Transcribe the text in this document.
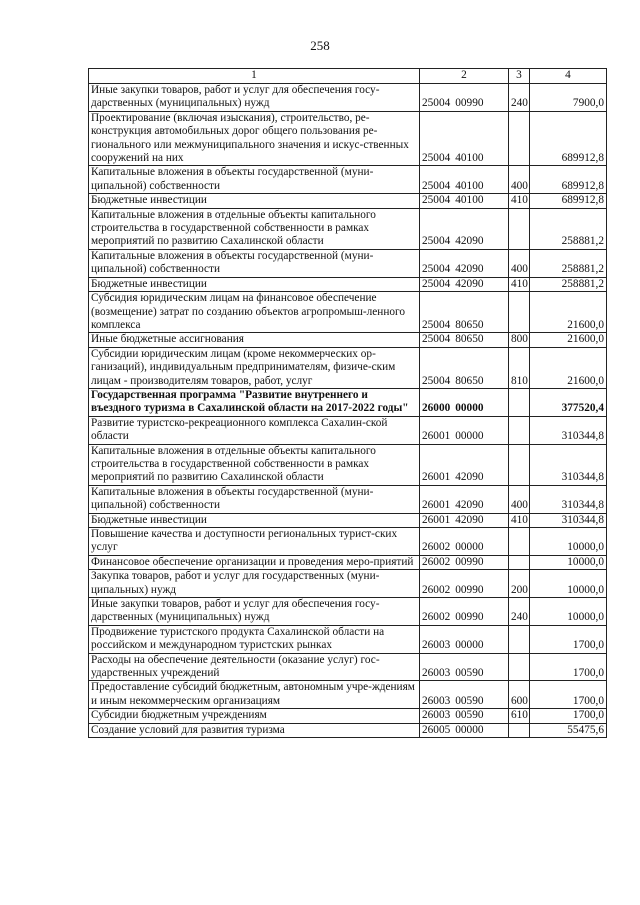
258
1	2	3	4
Иные закупки товаров, работ и услуг для обеспечения госу-дарственных (муниципальных) нужд	25004 00990	240	7900,0
Проектирование (включая изыскания), строительство, ре-конструкция автомобильных дорог общего пользования ре-гионального или межмуниципального значения и искус-ственных сооружений на них	25004 40100		689912,8
Капитальные вложения в объекты государственной (муни-ципальной) собственности	25004 40100	400	689912,8
Бюджетные инвестиции	25004 40100	410	689912,8
Капитальные вложения в отдельные объекты капитального строительства в государственной собственности в рамках мероприятий по развитию Сахалинской области	25004 42090		258881,2
Капитальные вложения в объекты государственной (муни-ципальной) собственности	25004 42090	400	258881,2
Бюджетные инвестиции	25004 42090	410	258881,2
Субсидия юридическим лицам на финансовое обеспечение (возмещение) затрат по созданию объектов агропромыш-ленного комплекса	25004 80650		21600,0
Иные бюджетные ассигнования	25004 80650	800	21600,0
Субсидии юридическим лицам (кроме некоммерческих ор-ганизаций), индивидуальным предпринимателям, физиче-ским лицам - производителям товаров, работ, услуг	25004 80650	810	21600,0
Государственная программа "Развитие внутреннего и въездного туризма в Сахалинской области на 2017-2022 годы"	26000 00000		377520,4
Развитие туристско-рекреационного комплекса Сахалин-ской области	26001 00000		310344,8
Капитальные вложения в отдельные объекты капитального строительства в государственной собственности в рамках мероприятий по развитию Сахалинской области	26001 42090		310344,8
Капитальные вложения в объекты государственной (муни-ципальной) собственности	26001 42090	400	310344,8
Бюджетные инвестиции	26001 42090	410	310344,8
Повышение качества и доступности региональных турист-ских услуг	26002 00000		10000,0
Финансовое обеспечение организации и проведения меро-приятий	26002 00990		10000,0
Закупка товаров, работ и услуг для государственных (муни-ципальных) нужд	26002 00990	200	10000,0
Иные закупки товаров, работ и услуг для обеспечения госу-дарственных (муниципальных) нужд	26002 00990	240	10000,0
Продвижение туристского продукта Сахалинской области на российском и международном туристских рынках	26003 00000		1700,0
Расходы на обеспечение деятельности (оказание услуг) гос-ударственных учреждений	26003 00590		1700,0
Предоставление субсидий бюджетным, автономным учре-ждениям и иным некоммерческим организациям	26003 00590	600	1700,0
Субсидии бюджетным учреждениям	26003 00590	610	1700,0
Создание условий для развития туризма	26005 00000		55475,6
